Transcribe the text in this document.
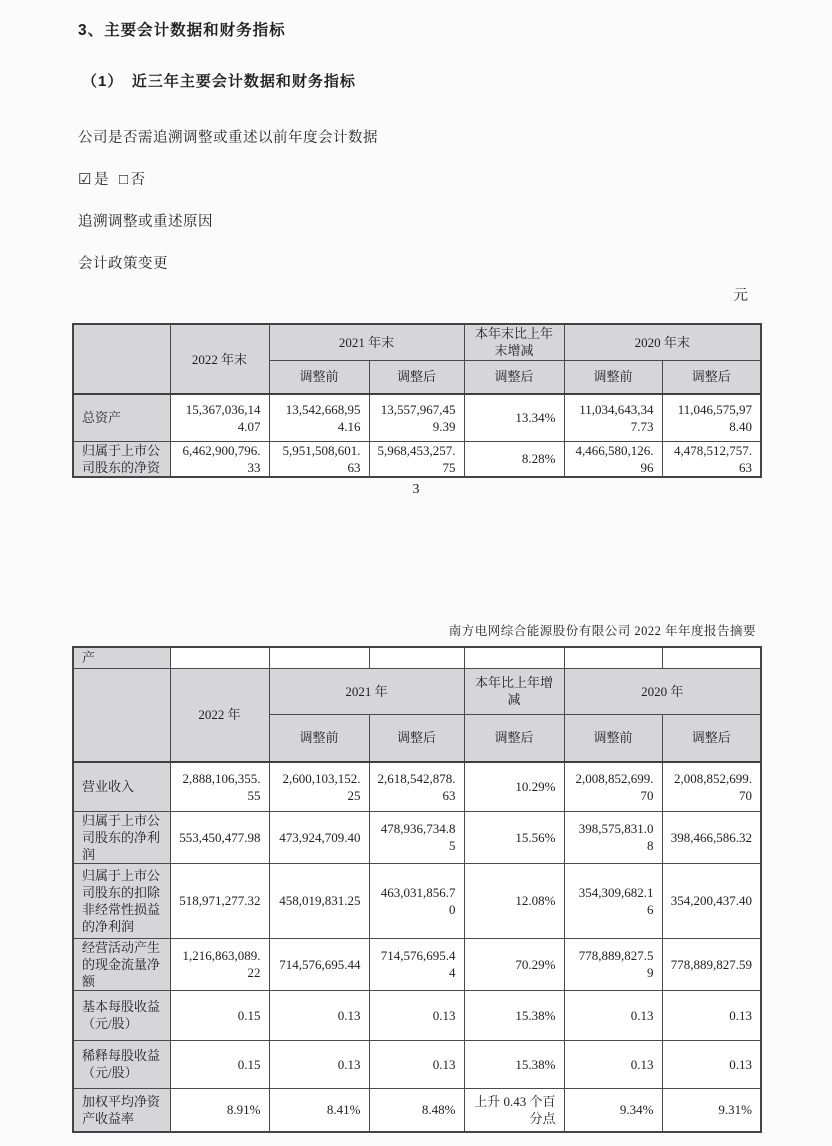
3、主要会计数据和财务指标
（1）　近三年主要会计数据和财务指标
公司是否需追溯调整或重述以前年度会计数据
☑ 是 □ 否
追溯调整或重述原因
会计政策变更
元
	2022 年末	2021 年末		本年末比上年末增减	2020 年末	
		调整前	调整后	调整后	调整前	调整后
总资产	15,367,036,144.07	13,542,668,954.16	13,557,967,459.39	13.34%	11,034,643,347.73	11,046,575,978.40
归属于上市公司股东的净资	6,462,900,796.33	5,951,508,601.63	5,968,453,257.75	8.28%	4,466,580,126.96	4,478,512,757.63
3
南方电网综合能源股份有限公司 2022 年年度报告摘要
产						
	2022 年	2021 年		本年比上年增减	2020 年	
		调整前	调整后	调整后	调整前	调整后
营业收入	2,888,106,355.55	2,600,103,152.25	2,618,542,878.63	10.29%	2,008,852,699.70	2,008,852,699.70
归属于上市公司股东的净利润	553,450,477.98	473,924,709.40	478,936,734.85	15.56%	398,575,831.08	398,466,586.32
归属于上市公司股东的扣除非经常性损益的净利润	518,971,277.32	458,019,831.25	463,031,856.70	12.08%	354,309,682.16	354,200,437.40
经营活动产生的现金流量净额	1,216,863,089.22	714,576,695.44	714,576,695.44	70.29%	778,889,827.59	778,889,827.59
基本每股收益（元/股）	0.15	0.13	0.13	15.38%	0.13	0.13
稀释每股收益（元/股）	0.15	0.13	0.13	15.38%	0.13	0.13
加权平均净资产收益率	8.91%	8.41%	8.48%	上升 0.43 个百分点	9.34%	9.31%
